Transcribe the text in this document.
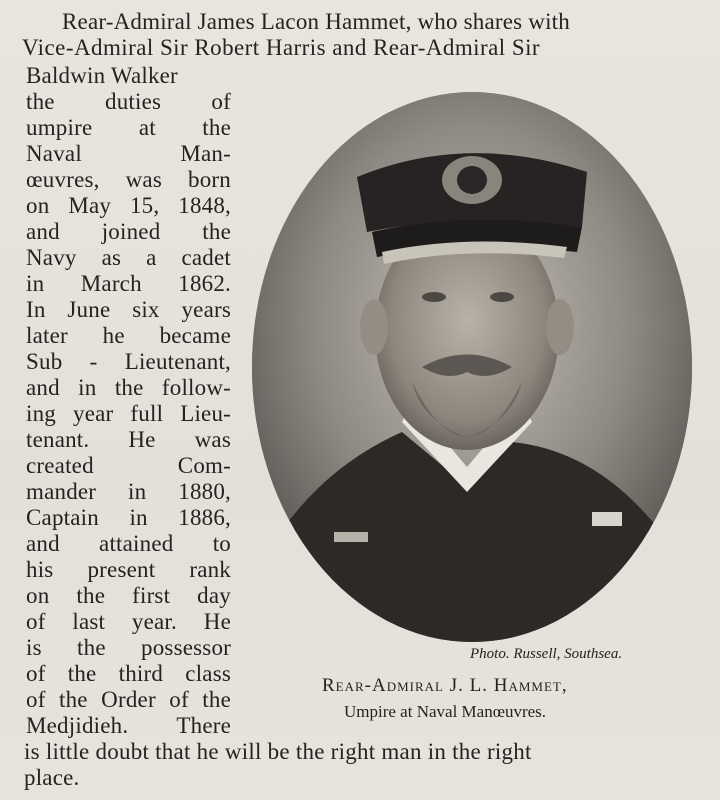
Rear-Admiral James Lacon Hammet, who shares with
Vice-Admiral Sir Robert Harris and Rear-Admiral Sir
Baldwin Walker
the duties of
umpire at the
Naval Man-
œuvres, was born
on May 15, 1848,
and joined the
Navy as a cadet
in March 1862.
In June six years
later he became
Sub - Lieutenant,
and in the follow-
ing year full Lieu-
tenant. He was
created Com-
mander in 1880,
Captain in 1886,
and attained to
his present rank
on the first day
of last year. He
is the possessor
of the third class
of the Order of the
Medjidieh. There
is little doubt that he will be the right man in the right
place.
Photo. Russell, Southsea.
Rear-Admiral J. L. Hammet,
Umpire at Naval Manœuvres.
